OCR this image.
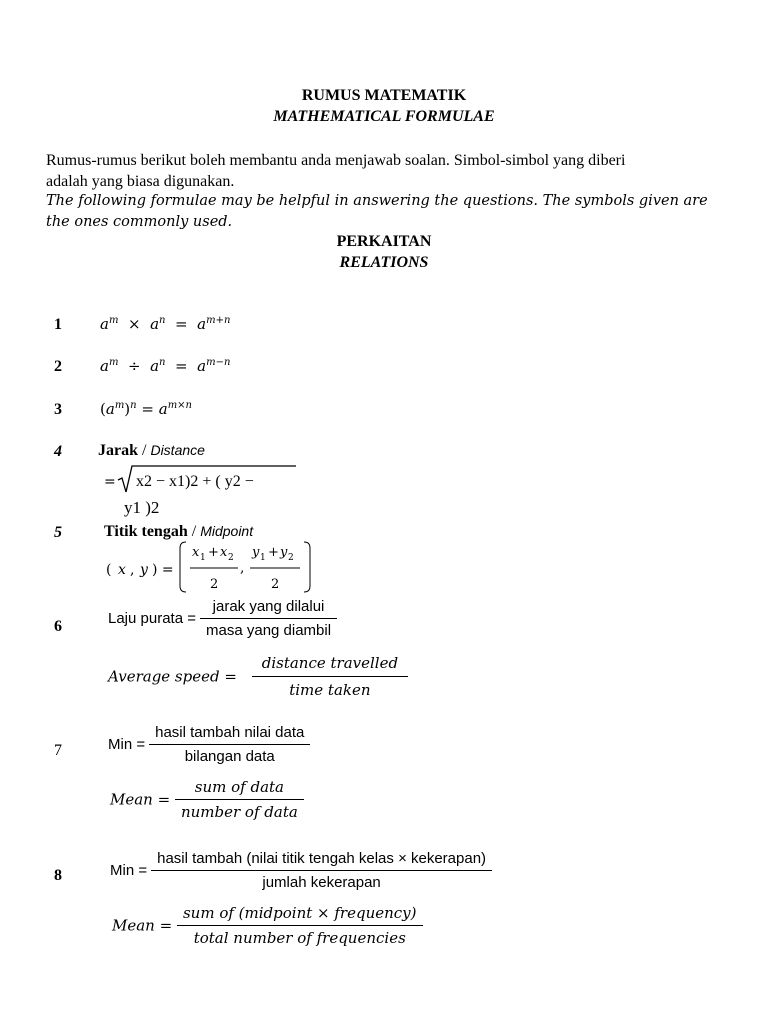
RUMUS MATEMATIK
MATHEMATICAL FORMULAE
Rumus-rumus berikut boleh membantu anda menjawab soalan. Simbol-simbol yang diberi
adalah yang biasa digunakan.
The following formulae may be helpful in answering the questions. The symbols given are
the ones commonly used.
PERKAITAN
RELATIONS
1	$a^m \times a^n = a^{m+n}$
2	$a^m \div a^n = a^{m-n}$
3	$(a^m)^n = a^{m\times n}$
4 Jarak / Distance
= x2 − x1)2 + ( y2 −
y1 )2
5	Titik tengah / Midpoint
( x , y ) =
x 1 + x 2
2
,
y 1 + y 2
2
6	Laju purata = $\frac{\text{jarak yang dilalui}}{\text{masa yang diambil}}$
Average speed = $\frac{\text{distance travelled}}{\text{time taken}}$
7	Min = $\frac{\text{hasil tambah nilai data}}{\text{bilangan data}}$
Mean = $\frac{\text{sum of data}}{\text{number of data}}$
8	Min = $\frac{\text{hasil tambah (nilai titik tengah kelas × kekerapan)}}{\text{jumlah kekerapan}}$
Mean = $\frac{\text{sum of (midpoint × frequency)}}{\text{total number of frequencies}}$
